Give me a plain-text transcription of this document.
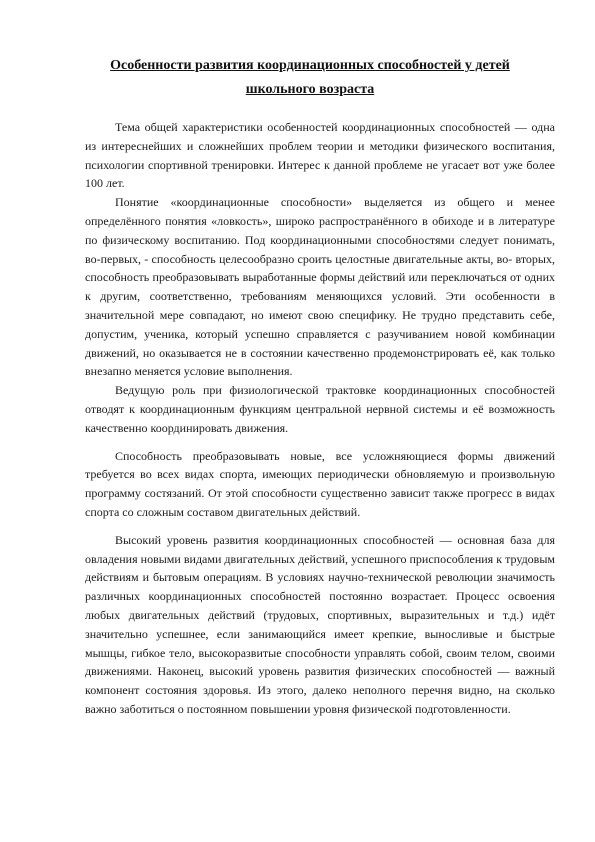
Особенности развития координационных способностей у детей школьного возраста

Тема общей характеристики особенностей координационных способностей — одна из интереснейших и сложнейших проблем теории и методики физического воспитания, психологии спортивной тренировки. Интерес к данной проблеме не угасает вот уже более 100 лет.

Понятие «координационные способности» выделяется из общего и менее определённого понятия «ловкость», широко распространённого в обиходе и в литературе по физическому воспитанию. Под координационными способностями следует понимать, во-первых, - способность целесообразно сроить целостные двигательные акты, во- вторых, способность преобразовывать выработанные формы действий или переключаться от одних к другим, соответственно, требованиям меняющихся условий. Эти особенности в значительной мере совпадают, но имеют свою специфику. Не трудно представить себе, допустим, ученика, который успешно справляется с разучиванием новой комбинации движений, но оказывается не в состоянии качественно продемонстрировать её, как только внезапно меняется условие выполнения.

Ведущую роль при физиологической трактовке координационных способностей отводят к координационным функциям центральной нервной системы и её возможность качественно координировать движения.

Способность преобразовывать новые, все усложняющиеся формы движений требуется во всех видах спорта, имеющих периодически обновляемую и произвольную программу состязаний. От этой способности существенно зависит также прогресс в видах спорта со сложным составом двигательных действий.

Высокий уровень развития координационных способностей — основная база для овладения новыми видами двигательных действий, успешного приспособления к трудовым действиям и бытовым операциям. В условиях научно-технической революции значимость различных координационных способностей постоянно возрастает. Процесс освоения любых двигательных действий (трудовых, спортивных, выразительных и т.д.) идёт значительно успешнее, если занимающийся имеет крепкие, выносливые и быстрые мышцы, гибкое тело, высокоразвитые способности управлять собой, своим телом, своими движениями. Наконец, высокий уровень развития физических способностей — важный компонент состояния здоровья. Из этого, далеко неполного перечня видно, на сколько важно заботиться о постоянном повышении уровня физической подготовленности.
